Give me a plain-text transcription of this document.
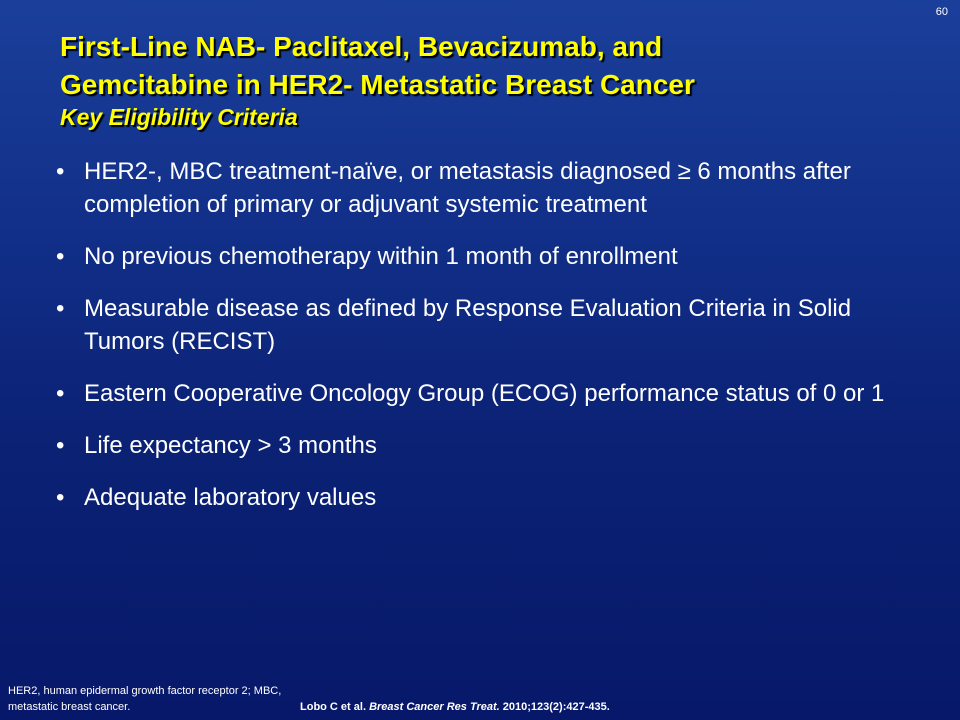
60
First-Line NAB- Paclitaxel, Bevacizumab, and
Gemcitabine in HER2- Metastatic Breast Cancer
Key Eligibility Criteria
• HER2-, MBC treatment-naïve, or metastasis diagnosed ≥ 6 months after completion of primary or adjuvant systemic treatment
• No previous chemotherapy within 1 month of enrollment
• Measurable disease as defined by Response Evaluation Criteria in Solid Tumors (RECIST)
• Eastern Cooperative Oncology Group (ECOG) performance status of 0 or 1
• Life expectancy > 3 months
• Adequate laboratory values
HER2, human epidermal growth factor receptor 2; MBC, metastatic breast cancer.	Lobo C et al. Breast Cancer Res Treat. 2010;123(2):427-435.
